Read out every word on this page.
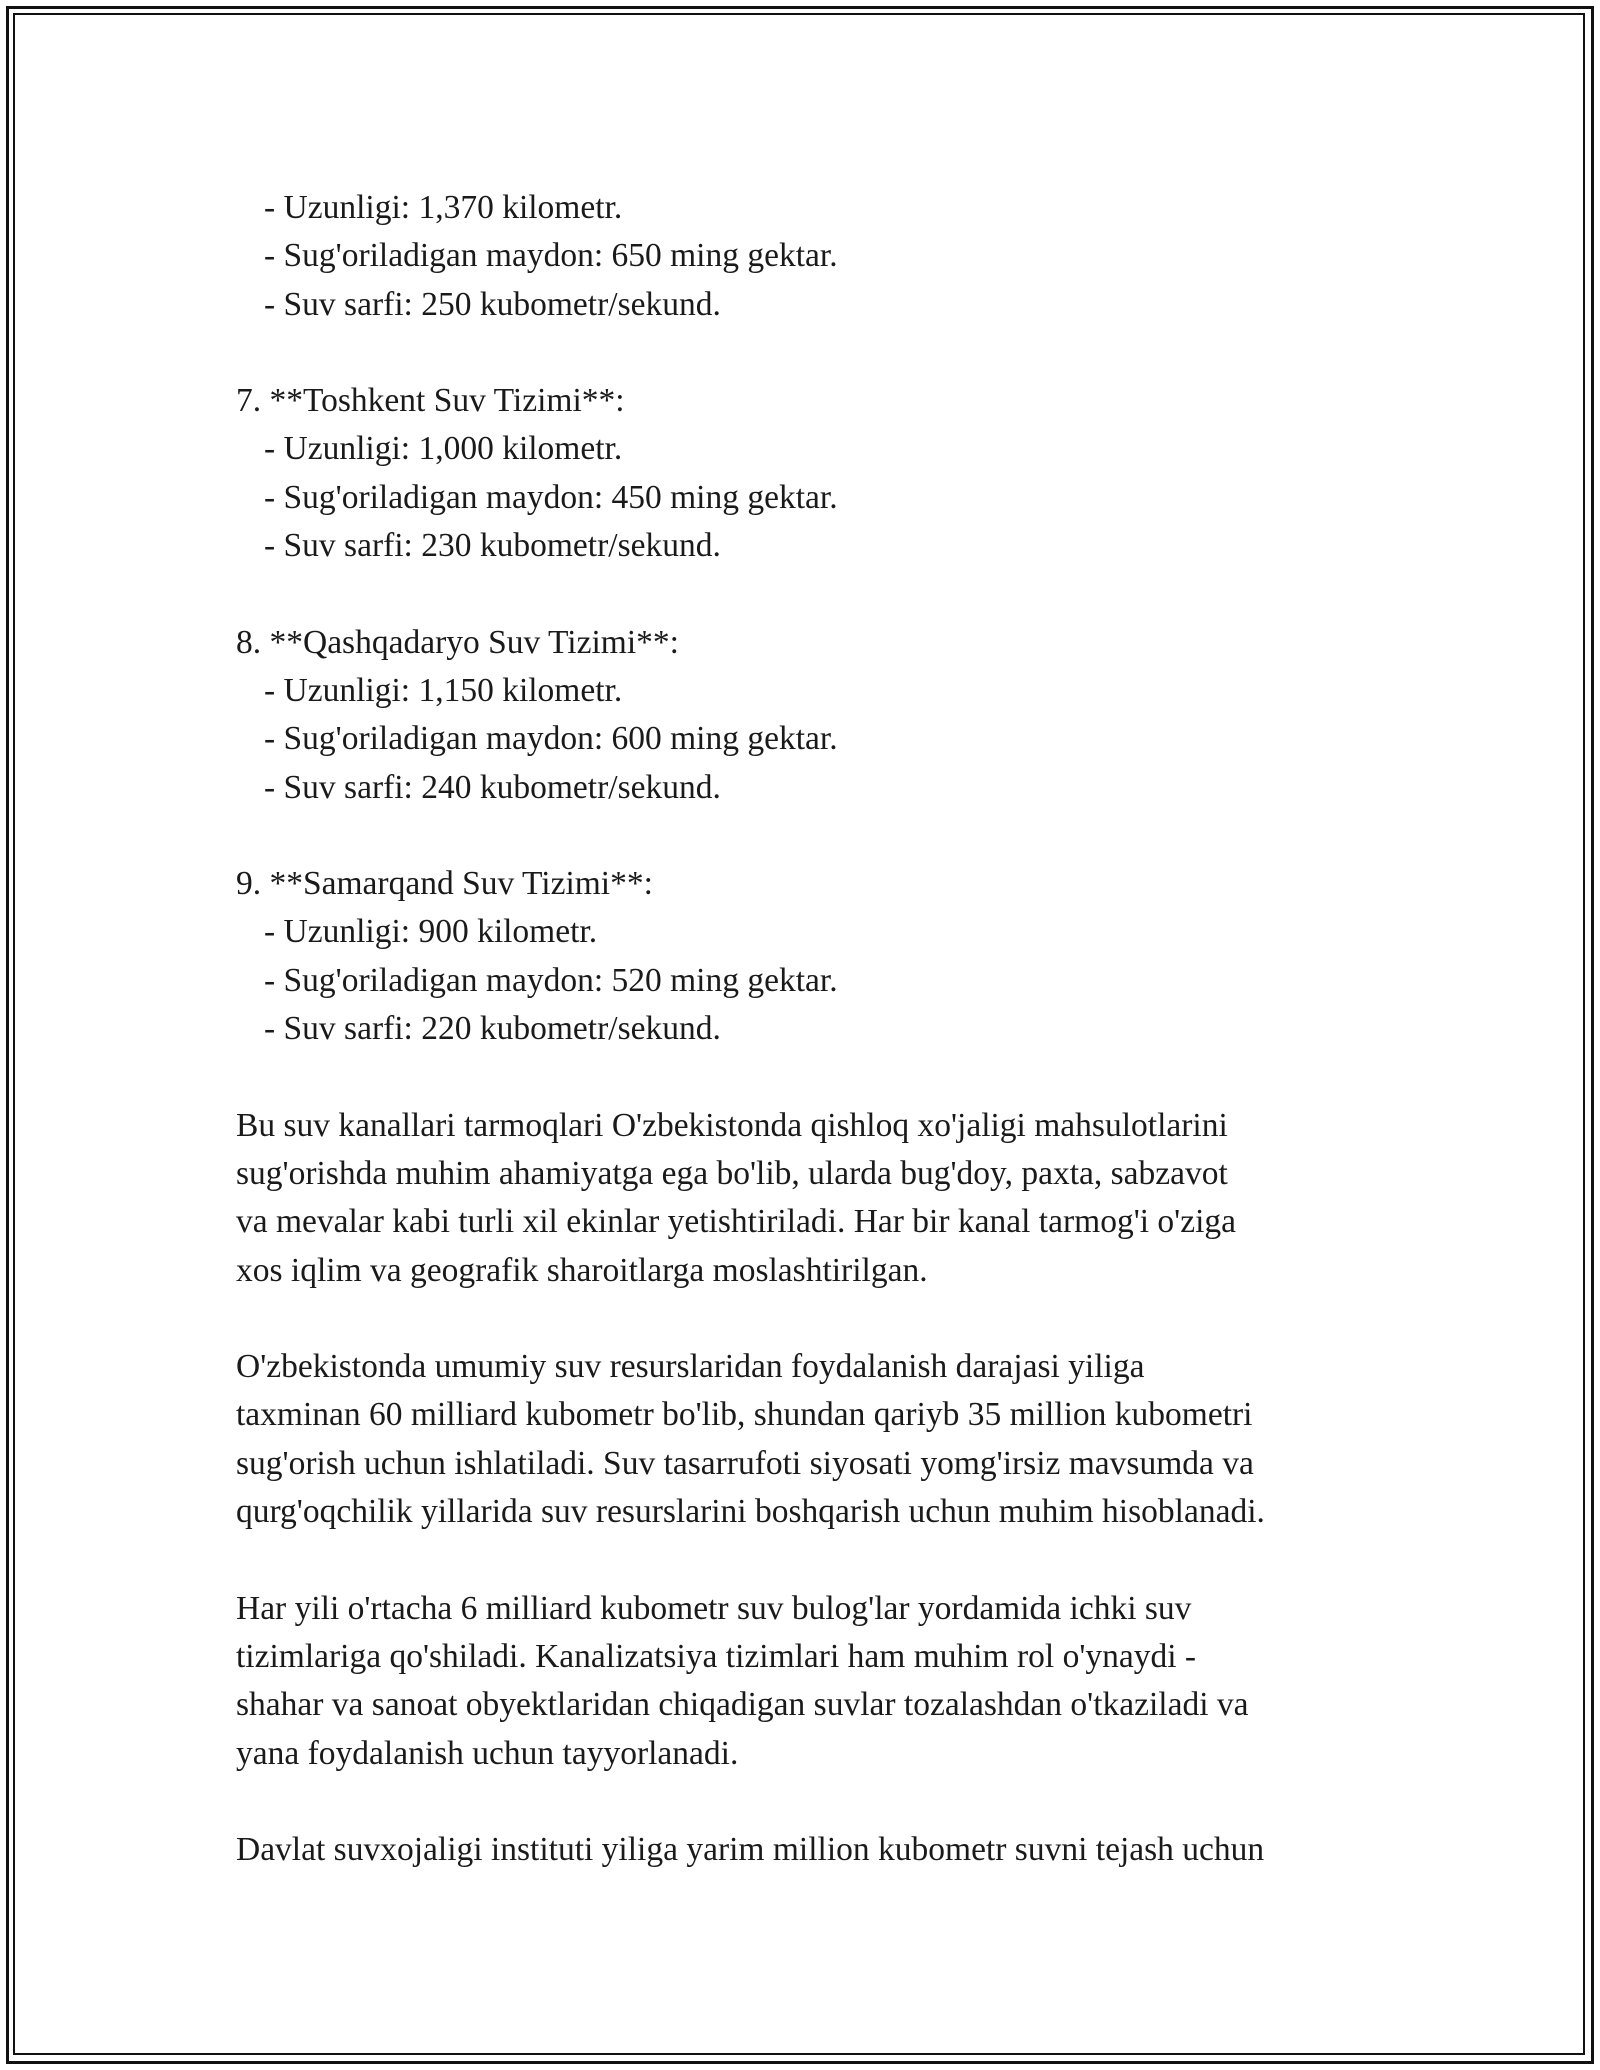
- Uzunligi: 1,370 kilometr.
- Sug'oriladigan maydon: 650 ming gektar.
- Suv sarfi: 250 kubometr/sekund.
7. **Toshkent Suv Tizimi**:
- Uzunligi: 1,000 kilometr.
- Sug'oriladigan maydon: 450 ming gektar.
- Suv sarfi: 230 kubometr/sekund.
8. **Qashqadaryo Suv Tizimi**:
- Uzunligi: 1,150 kilometr.
- Sug'oriladigan maydon: 600 ming gektar.
- Suv sarfi: 240 kubometr/sekund.
9. **Samarqand Suv Tizimi**:
- Uzunligi: 900 kilometr.
- Sug'oriladigan maydon: 520 ming gektar.
- Suv sarfi: 220 kubometr/sekund.
Bu suv kanallari tarmoqlari O'zbekistonda qishloq xo'jaligi mahsulotlarini
sug'orishda muhim ahamiyatga ega bo'lib, ularda bug'doy, paxta, sabzavot
va mevalar kabi turli xil ekinlar yetishtiriladi. Har bir kanal tarmog'i o'ziga
xos iqlim va geografik sharoitlarga moslashtirilgan.
O'zbekistonda umumiy suv resurslaridan foydalanish darajasi yiliga
taxminan 60 milliard kubometr bo'lib, shundan qariyb 35 million kubometri
sug'orish uchun ishlatiladi. Suv tasarrufoti siyosati yomg'irsiz mavsumda va
qurg'oqchilik yillarida suv resurslarini boshqarish uchun muhim hisoblanadi.
Har yili o'rtacha 6 milliard kubometr suv bulog'lar yordamida ichki suv
tizimlariga qo'shiladi. Kanalizatsiya tizimlari ham muhim rol o'ynaydi -
shahar va sanoat obyektlaridan chiqadigan suvlar tozalashdan o'tkaziladi va
yana foydalanish uchun tayyorlanadi.
Davlat suvxojaligi instituti yiliga yarim million kubometr suvni tejash uchun
